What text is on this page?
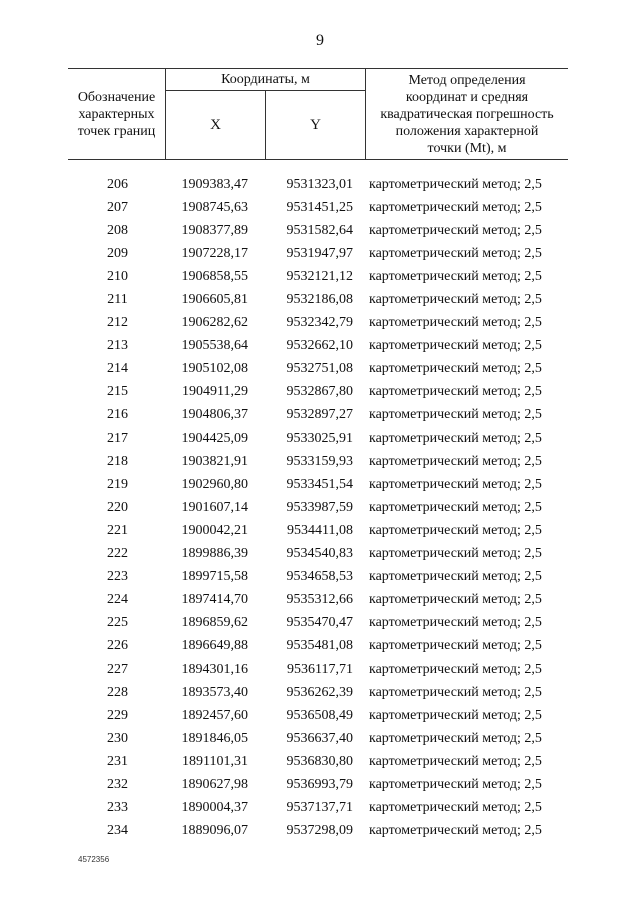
9
Обозначение характерных точек границ	Координаты, м		Метод определения
координат и средняя
квадратическая погрешность
положения характерной
точки (Mt), м

	X	Y	
206	1909383,47	9531323,01	картометрический метод; 2,5
207	1908745,63	9531451,25	картометрический метод; 2,5
208	1908377,89	9531582,64	картометрический метод; 2,5
209	1907228,17	9531947,97	картометрический метод; 2,5
210	1906858,55	9532121,12	картометрический метод; 2,5
211	1906605,81	9532186,08	картометрический метод; 2,5
212	1906282,62	9532342,79	картометрический метод; 2,5
213	1905538,64	9532662,10	картометрический метод; 2,5
214	1905102,08	9532751,08	картометрический метод; 2,5
215	1904911,29	9532867,80	картометрический метод; 2,5
216	1904806,37	9532897,27	картометрический метод; 2,5
217	1904425,09	9533025,91	картометрический метод; 2,5
218	1903821,91	9533159,93	картометрический метод; 2,5
219	1902960,80	9533451,54	картометрический метод; 2,5
220	1901607,14	9533987,59	картометрический метод; 2,5
221	1900042,21	9534411,08	картометрический метод; 2,5
222	1899886,39	9534540,83	картометрический метод; 2,5
223	1899715,58	9534658,53	картометрический метод; 2,5
224	1897414,70	9535312,66	картометрический метод; 2,5
225	1896859,62	9535470,47	картометрический метод; 2,5
226	1896649,88	9535481,08	картометрический метод; 2,5
227	1894301,16	9536117,71	картометрический метод; 2,5
228	1893573,40	9536262,39	картометрический метод; 2,5
229	1892457,60	9536508,49	картометрический метод; 2,5
230	1891846,05	9536637,40	картометрический метод; 2,5
231	1891101,31	9536830,80	картометрический метод; 2,5
232	1890627,98	9536993,79	картометрический метод; 2,5
233	1890004,37	9537137,71	картометрический метод; 2,5
234	1889096,07	9537298,09	картометрический метод; 2,5
4572356
